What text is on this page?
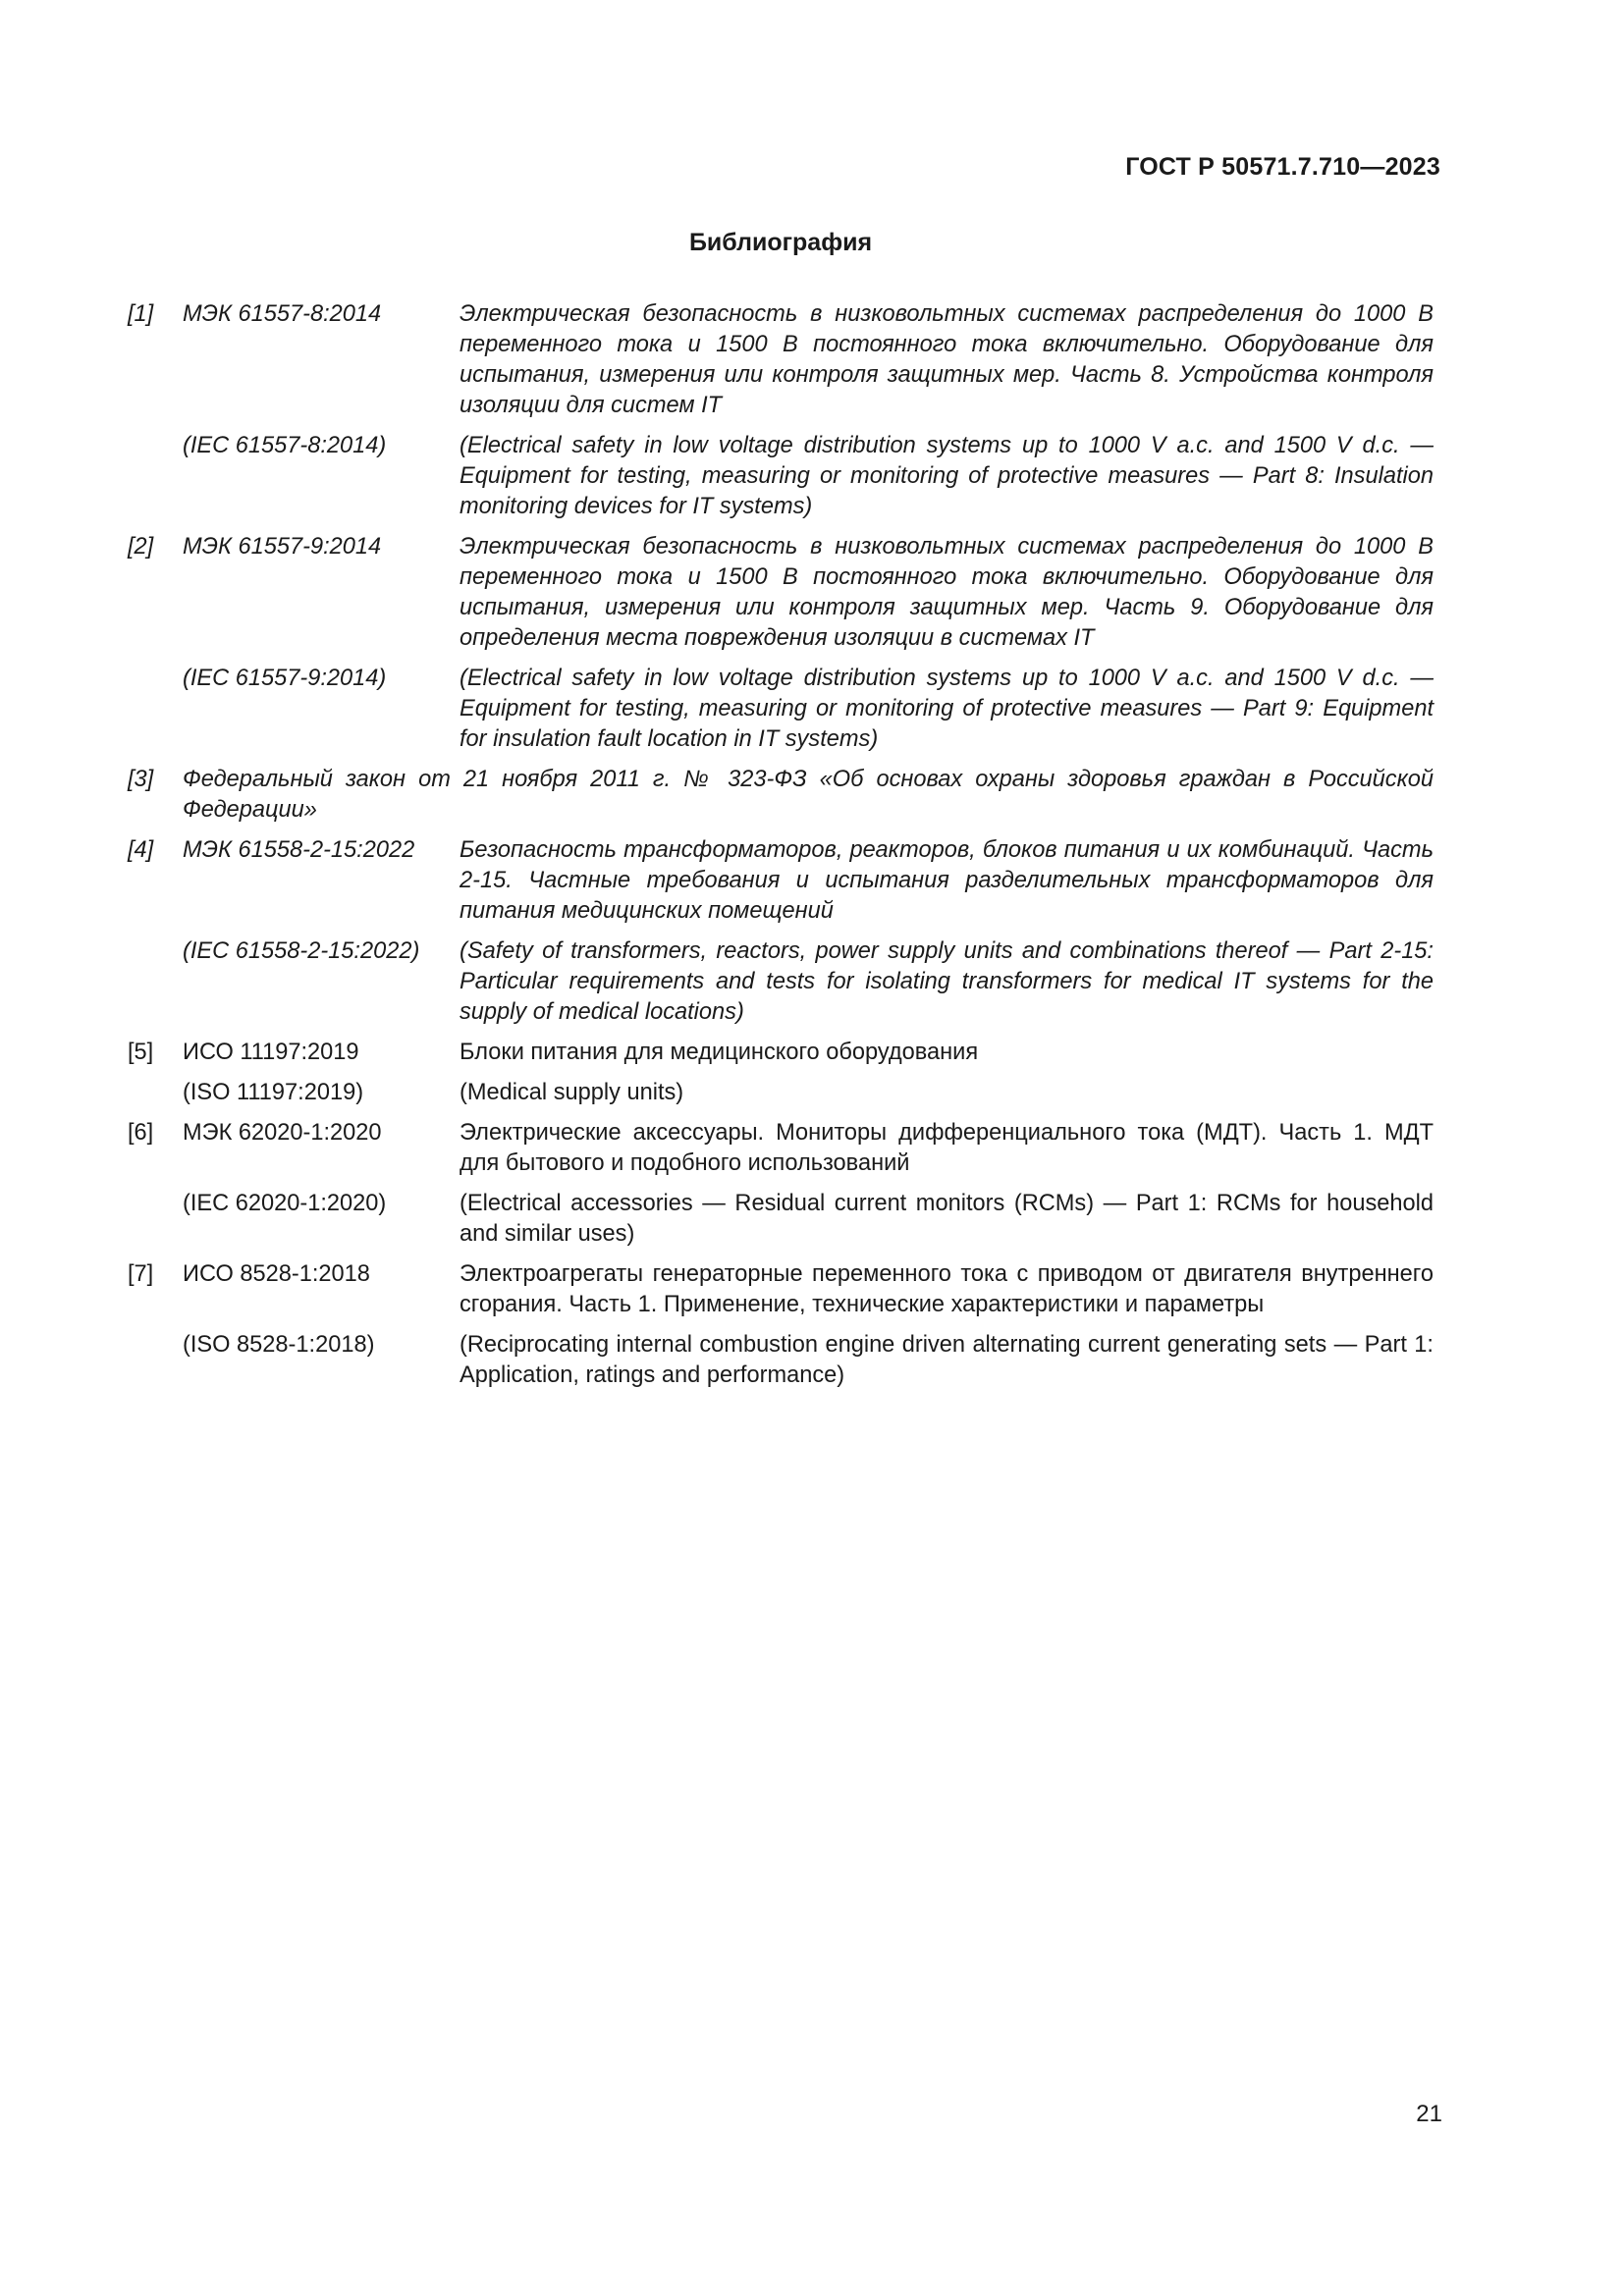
ГОСТ Р 50571.7.710—2023
Библиография
[1]	МЭК 61557-8:2014	Электрическая безопасность в низковольтных системах распределения до 1000 В переменного тока и 1500 В постоянного тока включительно. Оборудование для испытания, измерения или контроля защитных мер. Часть 8. Устройства контроля изоляции для систем IT
(IEC 61557-8:2014)	(Electrical safety in low voltage distribution systems up to 1000 V a.c. and 1500 V d.c. — Equipment for testing, measuring or monitoring of protective measures — Part 8: Insulation monitoring devices for IT systems)
[2]	МЭК 61557-9:2014	Электрическая безопасность в низковольтных системах распределения до 1000 В переменного тока и 1500 В постоянного тока включительно. Оборудование для испытания, измерения или контроля защитных мер. Часть 9. Оборудование для определения места повреждения изоляции в системах IT
(IEC 61557-9:2014)	(Electrical safety in low voltage distribution systems up to 1000 V a.c. and 1500 V d.c. — Equipment for testing, measuring or monitoring of protective measures — Part 9: Equipment for insulation fault location in IT systems)
[3]	Федеральный закон от 21 ноября 2011 г. № 323-ФЗ «Об основах охраны здоровья граждан в Российской Федерации»
[4]	МЭК 61558-2-15:2022	Безопасность трансформаторов, реакторов, блоков питания и их комбинаций. Часть 2-15. Частные требования и испытания разделительных трансформаторов для питания медицинских помещений
(IEC 61558-2-15:2022)	(Safety of transformers, reactors, power supply units and combinations thereof — Part 2-15: Particular requirements and tests for isolating transformers for medical IT systems for the supply of medical locations)
[5]	ИСО 11197:2019	Блоки питания для медицинского оборудования
(ISO 11197:2019)	(Medical supply units)
[6]	МЭК 62020-1:2020	Электрические аксессуары. Мониторы дифференциального тока (МДТ). Часть 1. МДТ для бытового и подобного использований
(IEC 62020-1:2020)	(Electrical accessories — Residual current monitors (RCMs) — Part 1: RCMs for household and similar uses)
[7]	ИСО 8528-1:2018	Электроагрегаты генераторные переменного тока с приводом от двигателя внутреннего сгорания. Часть 1. Применение, технические характеристики и параметры
(ISO 8528-1:2018)	(Reciprocating internal combustion engine driven alternating current generating sets — Part 1: Application, ratings and performance)
21
